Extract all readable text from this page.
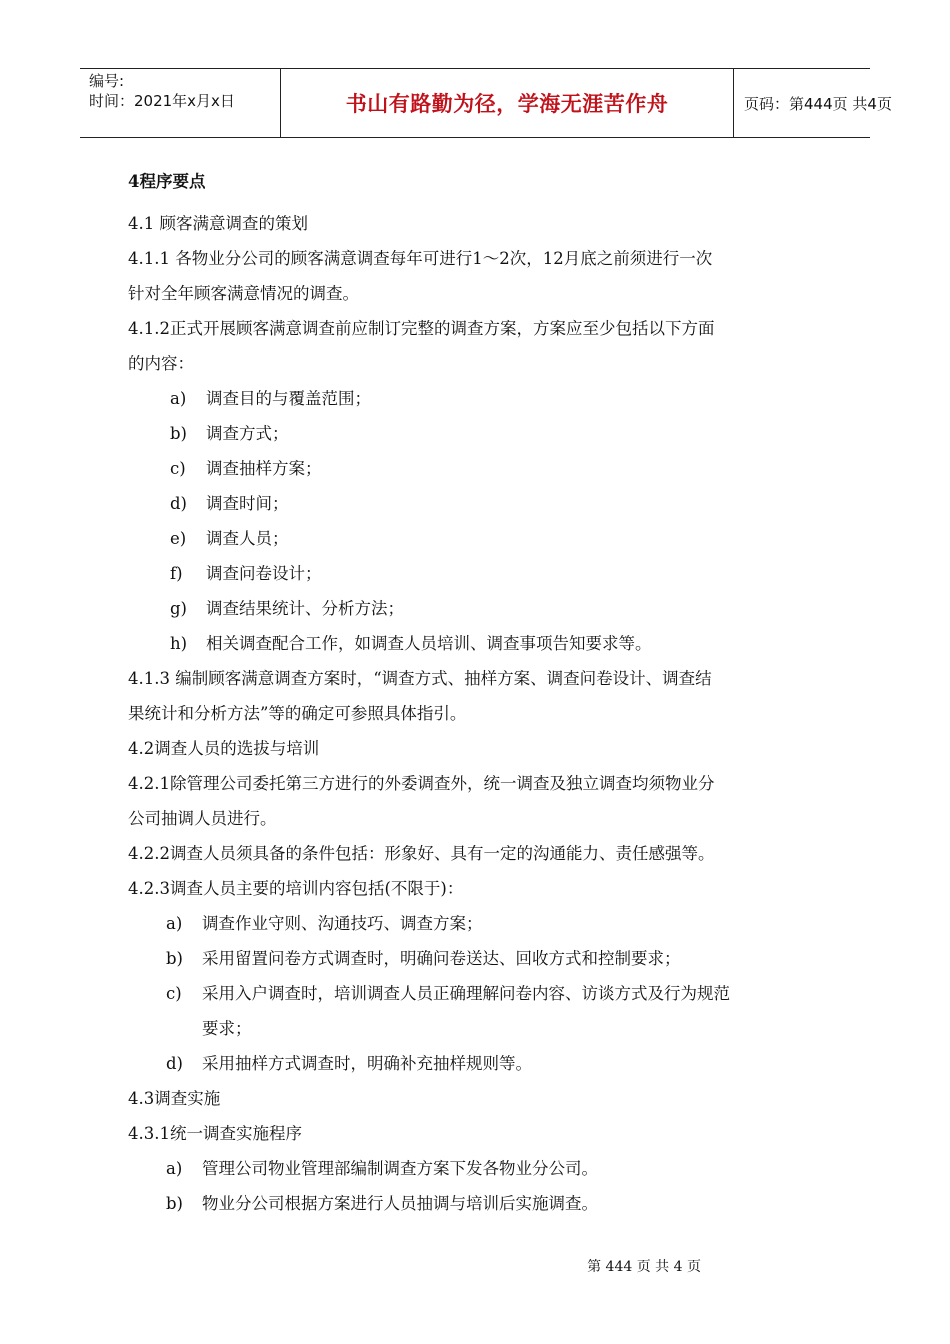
编号:
时间：2021年x月x日	书山有路勤为径，学海无涯苦作舟	页码：第444页 共4页
4程序要点
4.1 顾客满意调查的策划
4.1.1 各物业分公司的顾客满意调查每年可进行1～2次，12月底之前须进行一次
针对全年顾客满意情况的调查。
4.1.2正式开展顾客满意调查前应制订完整的调查方案，方案应至少包括以下方面
的内容：
a) 调查目的与覆盖范围；
b) 调查方式；
c) 调查抽样方案；
d) 调查时间；
e) 调查人员；
f) 调查问卷设计；
g) 调查结果统计、分析方法；
h) 相关调查配合工作，如调查人员培训、调查事项告知要求等。
4.1.3 编制顾客满意调查方案时，“调查方式、抽样方案、调查问卷设计、调查结
果统计和分析方法”等的确定可参照具体指引。
4.2调查人员的选拔与培训
4.2.1除管理公司委托第三方进行的外委调查外，统一调查及独立调查均须物业分
公司抽调人员进行。
4.2.2调查人员须具备的条件包括：形象好、具有一定的沟通能力、责任感强等。
4.2.3调查人员主要的培训内容包括(不限于)：
a) 调查作业守则、沟通技巧、调查方案；
b) 采用留置问卷方式调查时，明确问卷送达、回收方式和控制要求；
c) 采用入户调查时，培训调查人员正确理解问卷内容、访谈方式及行为规范
要求；
d) 采用抽样方式调查时，明确补充抽样规则等。
4.3调查实施
4.3.1统一调查实施程序
a) 管理公司物业管理部编制调查方案下发各物业分公司。
b) 物业分公司根据方案进行人员抽调与培训后实施调查。
第 444 页 共 4 页
